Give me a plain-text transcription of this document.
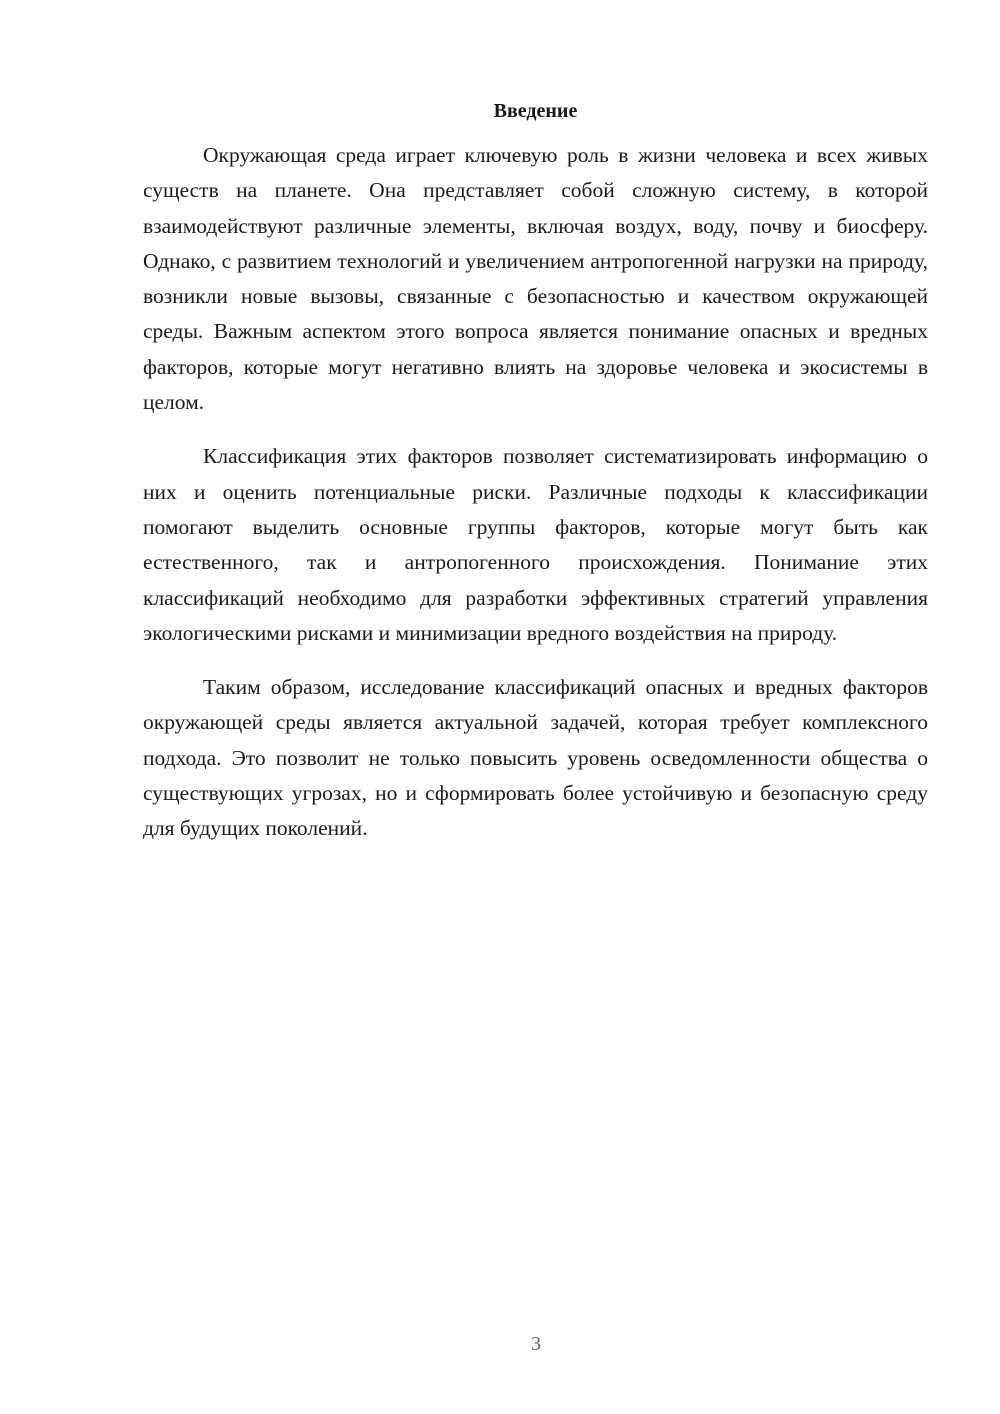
Введение

Окружающая среда играет ключевую роль в жизни человека и всех живых существ на планете. Она представляет собой сложную систему, в которой взаимодействуют различные элементы, включая воздух, воду, почву и биосферу. Однако, с развитием технологий и увеличением антропогенной нагрузки на природу, возникли новые вызовы, связанные с безопасностью и качеством окружающей среды. Важным аспектом этого вопроса является понимание опасных и вредных факторов, которые могут негативно влиять на здоровье человека и экосистемы в целом.

Классификация этих факторов позволяет систематизировать информацию о них и оценить потенциальные риски. Различные подходы к классификации помогают выделить основные группы факторов, которые могут быть как естественного, так и антропогенного происхождения. Понимание этих классификаций необходимо для разработки эффективных стратегий управления экологическими рисками и минимизации вредного воздействия на природу.

Таким образом, исследование классификаций опасных и вредных факторов окружающей среды является актуальной задачей, которая требует комплексного подхода. Это позволит не только повысить уровень осведомленности общества о существующих угрозах, но и сформировать более устойчивую и безопасную среду для будущих поколений.

3
